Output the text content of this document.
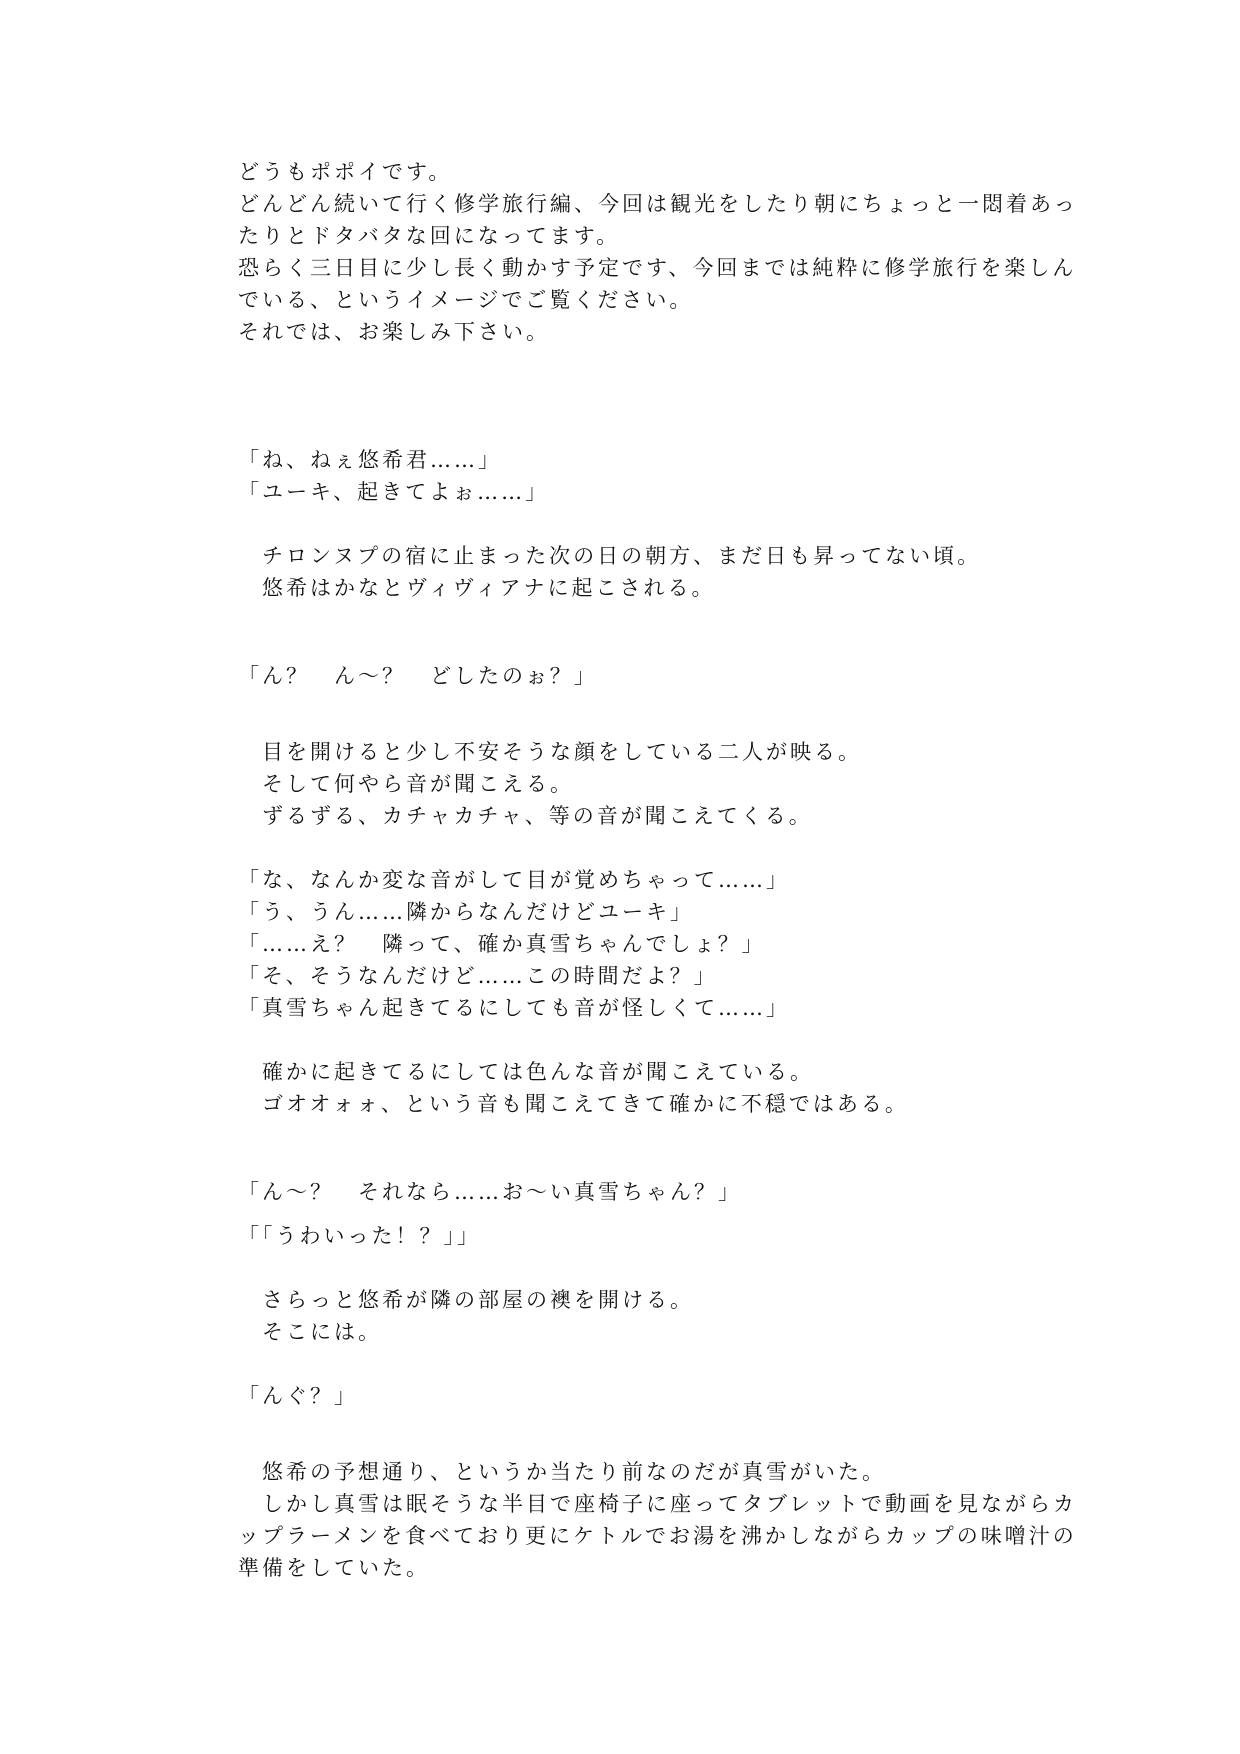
どうもポポイです。
どんどん続いて行く修学旅行編、今回は観光をしたり朝にちょっと一悶着あっ
たりとドタバタな回になってます。
恐らく三日目に少し長く動かす予定です、今回までは純粋に修学旅行を楽しん
でいる、というイメージでご覧ください。
それでは、お楽しみ下さい。
「ね、ねぇ悠希君……」
「ユーキ、起きてよぉ……」
チロンヌプの宿に止まった次の日の朝方、まだ日も昇ってない頃。
悠希はかなとヴィヴィアナに起こされる。
「ん？　ん〜？　どしたのぉ？」
目を開けると少し不安そうな顔をしている二人が映る。
そして何やら音が聞こえる。
ずるずる、カチャカチャ、等の音が聞こえてくる。
「な、なんか変な音がして目が覚めちゃって……」
「う、うん……隣からなんだけどユーキ」
「……え？　隣って、確か真雪ちゃんでしょ？」
「そ、そうなんだけど……この時間だよ？」
「真雪ちゃん起きてるにしても音が怪しくて……」
確かに起きてるにしては色んな音が聞こえている。
ゴオオォォ、という音も聞こえてきて確かに不穏ではある。
「ん〜？　それなら……お〜い真雪ちゃん？」
「「うわいった！？」」
さらっと悠希が隣の部屋の襖を開ける。
そこには。
「んぐ？」
悠希の予想通り、というか当たり前なのだが真雪がいた。
しかし真雪は眠そうな半目で座椅子に座ってタブレットで動画を見ながらカ
ップラーメンを食べており更にケトルでお湯を沸かしながらカップの味噌汁の
準備をしていた。
